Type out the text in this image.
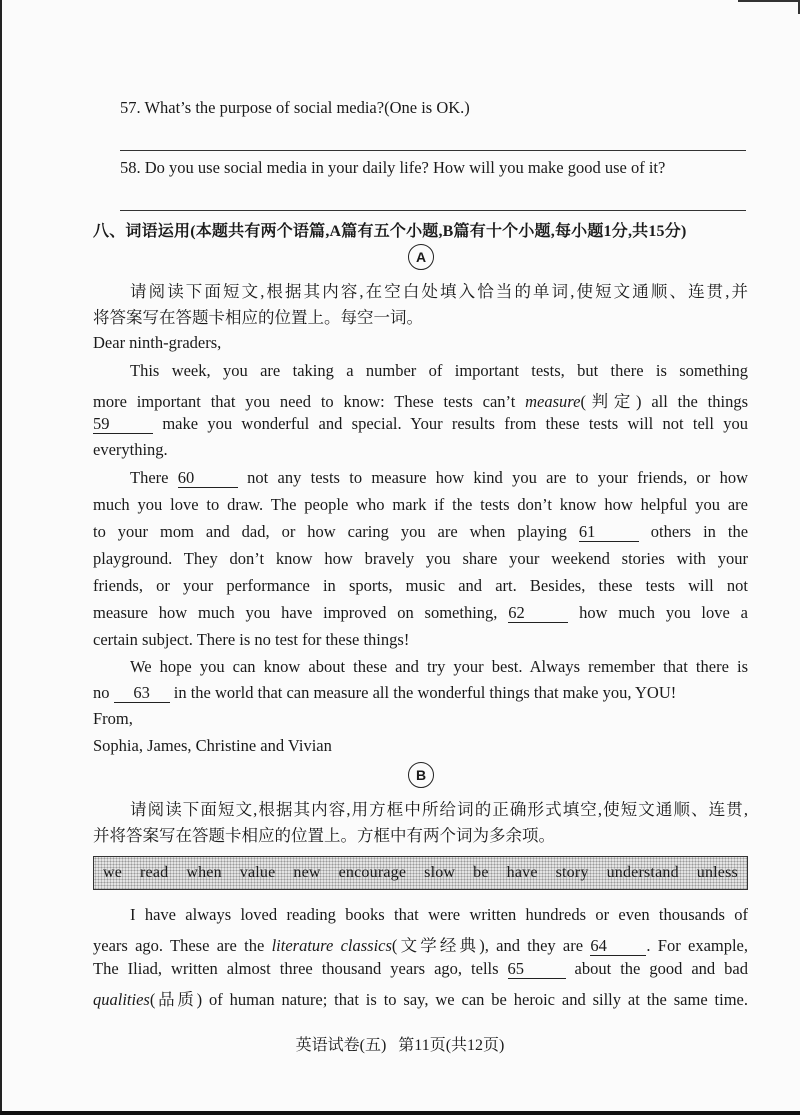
57. What’s the purpose of social media?(One is OK.)
58. Do you use social media in your daily life? How will you make good use of it?
八、词语运用(本题共有两个语篇,A篇有五个小题,B篇有十个小题,每小题1分,共15分)
A
请阅读下面短文,根据其内容,在空白处填入恰当的单词,使短文通顺、连贯,并
将答案写在答题卡相应的位置上。每空一词。
Dear ninth-graders,
This week, you are taking a number of important tests, but there is something
more important that you need to know: These tests can’t measure(判定) all the things
59	make you wonderful and special. Your results from these tests will not tell you
everything.
There 60	not any tests to measure how kind you are to your friends, or how
much you love to draw. The people who mark if the tests don’t know how helpful you are
to your mom and dad, or how caring you are when playing 61	others in the
playground. They don’t know how bravely you share your weekend stories with your
friends, or your performance in sports, music and art. Besides, these tests will not
measure how much you have improved on something, 62	how much you love a
certain subject. There is no test for these things!
We hope you can know about these and try your best. Always remember that there is
no 63 in the world that can measure all the wonderful things that make you, YOU!
From,
Sophia, James, Christine and Vivian
B
请阅读下面短文,根据其内容,用方框中所给词的正确形式填空,使短文通顺、连贯,
并将答案写在答题卡相应的位置上。方框中有两个词为多余项。
we read when value new encourage slow be have story understand unless
I have always loved reading books that were written hundreds or even thousands of
years ago. These are the literature classics(文学经典), and they are 64 . For example,
The Iliad, written almost three thousand years ago, tells 65	about the good and bad
qualities(品质) of human nature; that is to say, we can be heroic and silly at the same time.
英语试卷(五)   第11页(共12页)
